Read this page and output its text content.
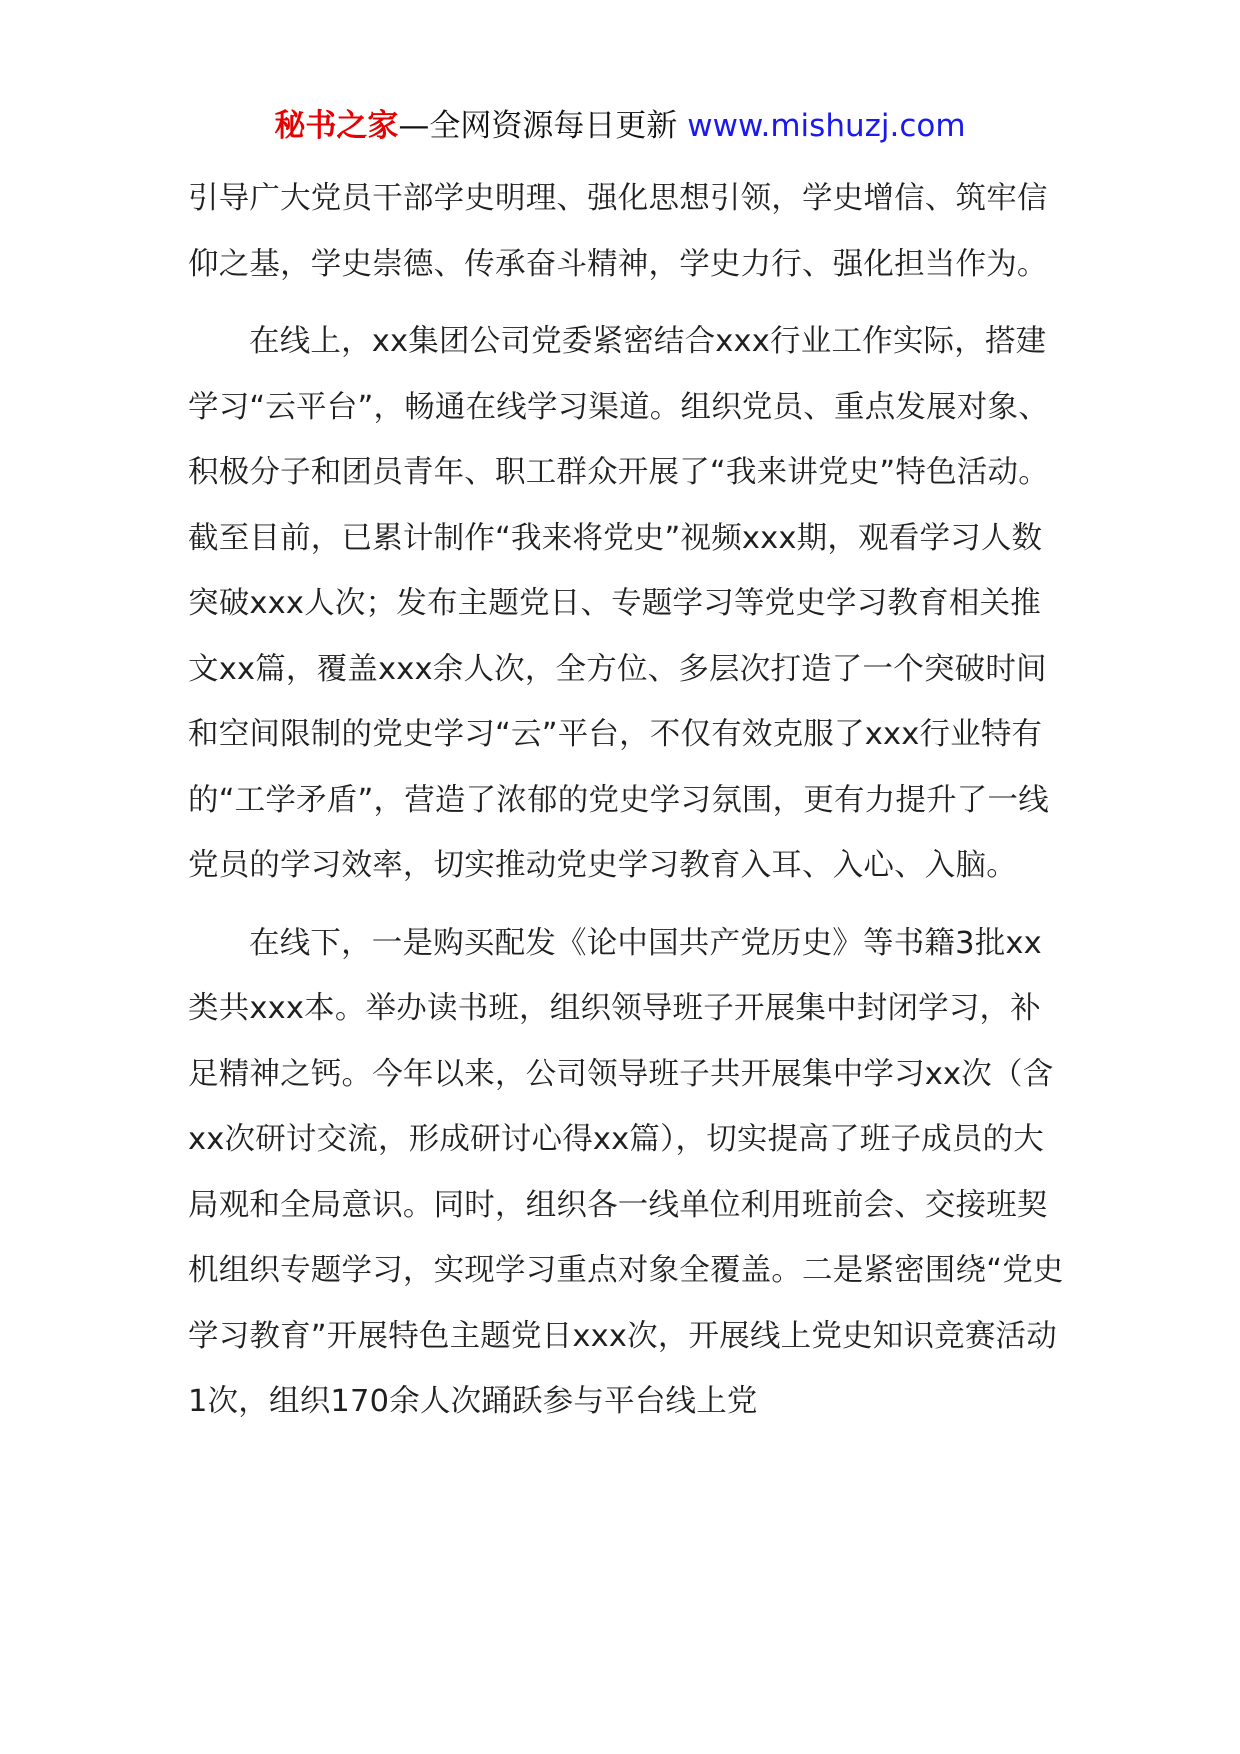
秘书之家—全网资源每日更新 www.mishuzj.com

引导广大党员干部学史明理、强化思想引领，学史增信、筑牢信仰之基，学史崇德、传承奋斗精神，学史力行、强化担当作为。

在线上，xx集团公司党委紧密结合xxx行业工作实际，搭建学习“云平台”，畅通在线学习渠道。组织党员、重点发展对象、积极分子和团员青年、职工群众开展了“我来讲党史”特色活动。截至目前，已累计制作“我来将党史”视频xxx期，观看学习人数突破xxx人次；发布主题党日、专题学习等党史学习教育相关推文xx篇，覆盖xxx余人次，全方位、多层次打造了一个突破时间和空间限制的党史学习“云”平台，不仅有效克服了xxx行业特有的“工学矛盾”，营造了浓郁的党史学习氛围，更有力提升了一线党员的学习效率，切实推动党史学习教育入耳、入心、入脑。

在线下，一是购买配发《论中国共产党历史》等书籍3批xx类共xxx本。举办读书班，组织领导班子开展集中封闭学习，补足精神之钙。今年以来，公司领导班子共开展集中学习xx次（含xx次研讨交流，形成研讨心得xx篇），切实提高了班子成员的大局观和全局意识。同时，组织各一线单位利用班前会、交接班契机组织专题学习，实现学习重点对象全覆盖。二是紧密围绕“党史学习教育”开展特色主题党日xxx次，开展线上党史知识竞赛活动1次，组织170余人次踊跃参与平台线上党
